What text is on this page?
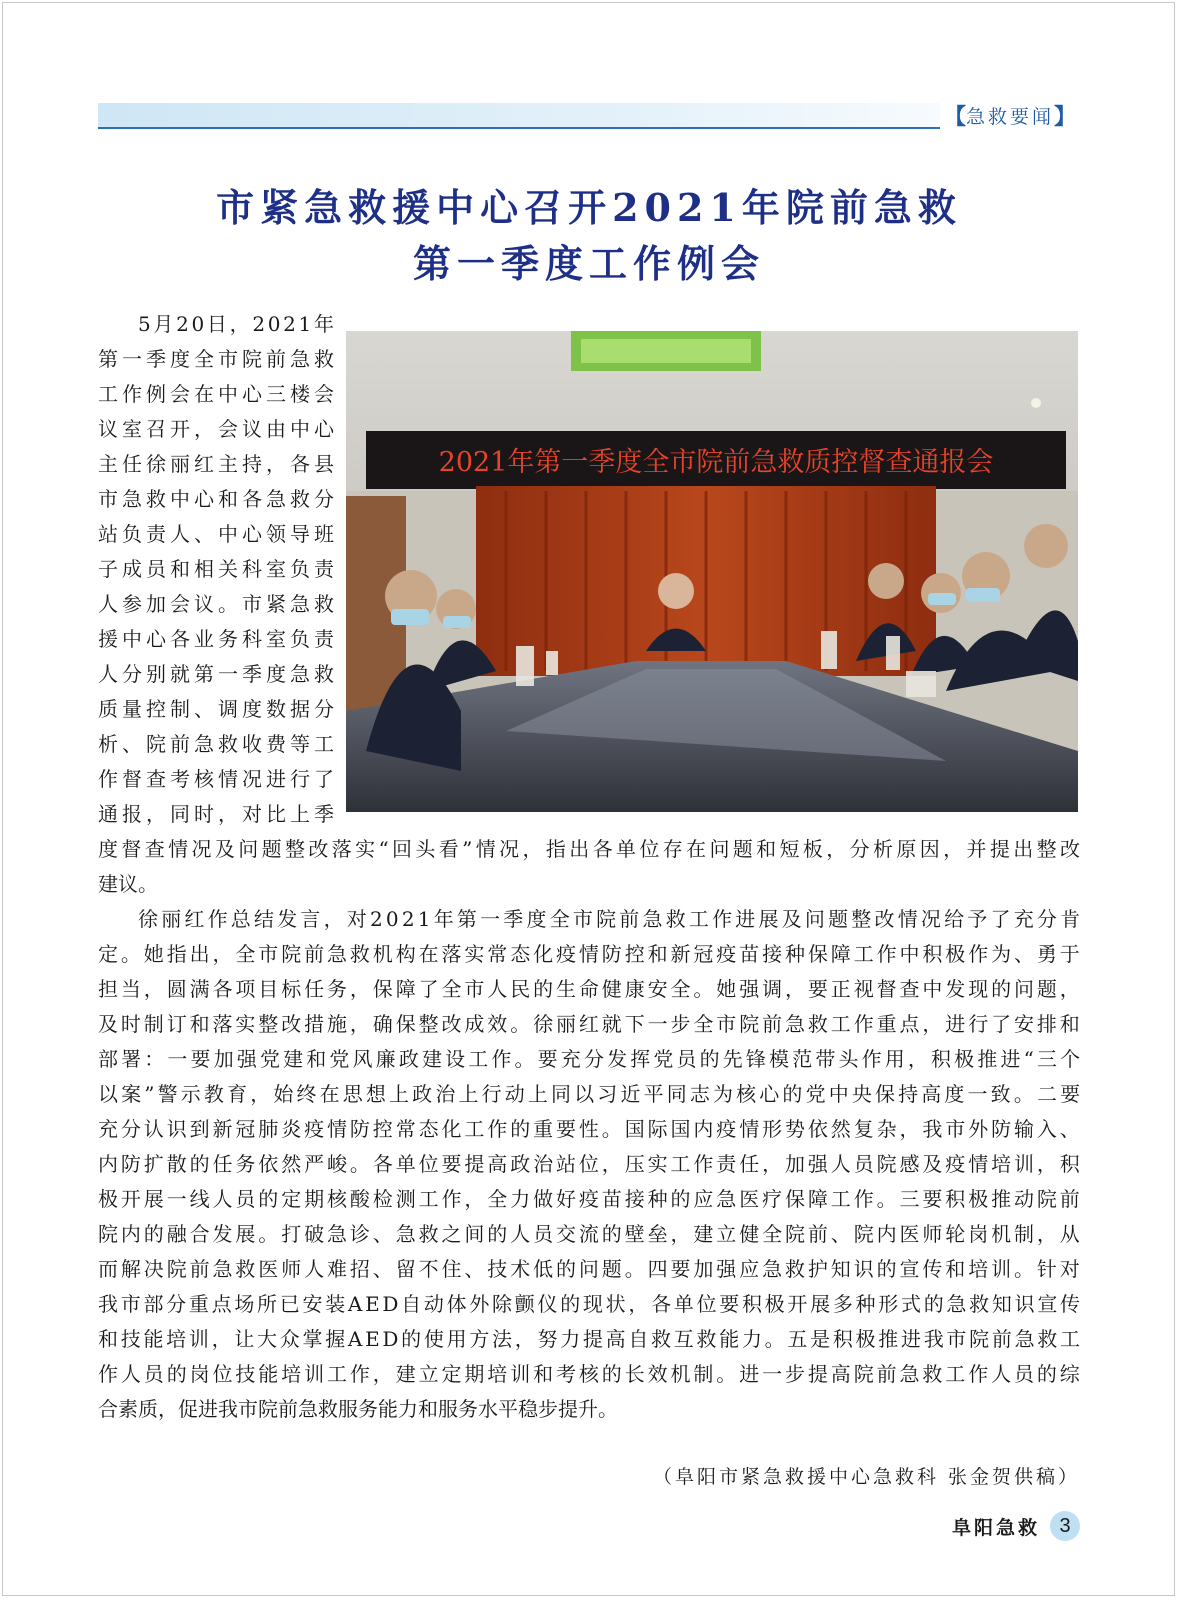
【 急救要闻 】
市紧急救援中心召开2021年院前急救
第一季度工作例会
5月20日，2021年
第一季度全市院前急救
工作例会在中心三楼会
议室召开，会议由中心
主任徐丽红主持，各县
市急救中心和各急救分
站负责人、中心领导班
子成员和相关科室负责
人参加会议。市紧急救
援中心各业务科室负责
人分别就第一季度急救
质量控制、调度数据分
析、院前急救收费等工
作督查考核情况进行了
通报，同时，对比上季
2021年第一季度全市院前急救质控督查通报会
度督查情况及问题整改落实“回头看”情况，指出各单位存在问题和短板，分析原因，并提出整改
建议。
徐丽红作总结发言，对2021年第一季度全市院前急救工作进展及问题整改情况给予了充分肯
定。她指出，全市院前急救机构在落实常态化疫情防控和新冠疫苗接种保障工作中积极作为、勇于
担当，圆满各项目标任务，保障了全市人民的生命健康安全。她强调，要正视督查中发现的问题，
及时制订和落实整改措施，确保整改成效。徐丽红就下一步全市院前急救工作重点，进行了安排和
部署：一要加强党建和党风廉政建设工作。要充分发挥党员的先锋模范带头作用，积极推进“三个
以案”警示教育，始终在思想上政治上行动上同以习近平同志为核心的党中央保持高度一致。二要
充分认识到新冠肺炎疫情防控常态化工作的重要性。国际国内疫情形势依然复杂，我市外防输入、
内防扩散的任务依然严峻。各单位要提高政治站位，压实工作责任，加强人员院感及疫情培训，积
极开展一线人员的定期核酸检测工作，全力做好疫苗接种的应急医疗保障工作。三要积极推动院前
院内的融合发展。打破急诊、急救之间的人员交流的壁垒，建立健全院前、院内医师轮岗机制，从
而解决院前急救医师人难招、留不住、技术低的问题。四要加强应急救护知识的宣传和培训。针对
我市部分重点场所已安装AED自动体外除颤仪的现状，各单位要积极开展多种形式的急救知识宣传
和技能培训，让大众掌握AED的使用方法，努力提高自救互救能力。五是积极推进我市院前急救工
作人员的岗位技能培训工作，建立定期培训和考核的长效机制。进一步提高院前急救工作人员的综
合素质，促进我市院前急救服务能力和服务水平稳步提升。
（阜阳市紧急救援中心急救科 张金贺供稿）
阜阳急救 3
